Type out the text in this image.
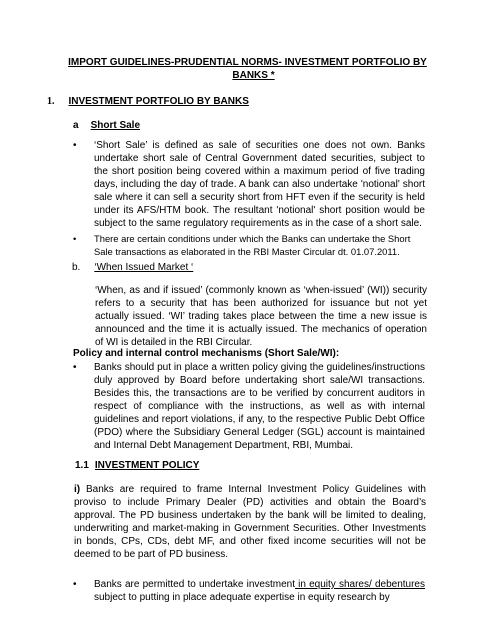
IMPORT GUIDELINES-PRUDENTIAL NORMS- INVESTMENT PORTFOLIO BY
BANKS *
1. INVESTMENT PORTFOLIO BY BANKS
a Short Sale
• ‘Short Sale’ is defined as sale of securities one does not own. Banks undertake short sale of Central Government dated securities, subject to the short position being covered within a maximum period of five trading days, including the day of trade. A bank can also undertake 'notional' short sale where it can sell a security short from HFT even if the security is held under its AFS/HTM book. The resultant 'notional' short position would be subject to the same regulatory requirements as in the case of a short sale.
• There are certain conditions under which the Banks can undertake the Short Sale transactions as elaborated in the RBI Master Circular dt. 01.07.2011.
b. ‘When Issued Market ‘
‘When, as and if issued’ (commonly known as ‘when-issued’ (WI)) security refers to a security that has been authorized for issuance but not yet actually issued. ‘WI’ trading takes place between the time a new issue is announced and the time it is actually issued. The mechanics of operation of WI is detailed in the RBI Circular.
Policy and internal control mechanisms (Short Sale/WI):
• Banks should put in place a written policy giving the guidelines/instructions duly approved by Board before undertaking short sale/WI transactions. Besides this, the transactions are to be verified by concurrent auditors in respect of compliance with the instructions, as well as with internal guidelines and report violations, if any, to the respective Public Debt Office (PDO) where the Subsidiary General Ledger (SGL) account is maintained and Internal Debt Management Department, RBI, Mumbai.
1.1 INVESTMENT POLICY
i) Banks are required to frame Internal Investment Policy Guidelines with proviso to include Primary Dealer (PD) activities and obtain the Board’s approval. The PD business undertaken by the bank will be limited to dealing, underwriting and market-making in Government Securities. Other Investments in bonds, CPs, CDs, debt MF, and other fixed income securities will not be deemed to be part of PD business.
• Banks are permitted to undertake investment in equity shares/ debentures subject to putting in place adequate expertise in equity research by
